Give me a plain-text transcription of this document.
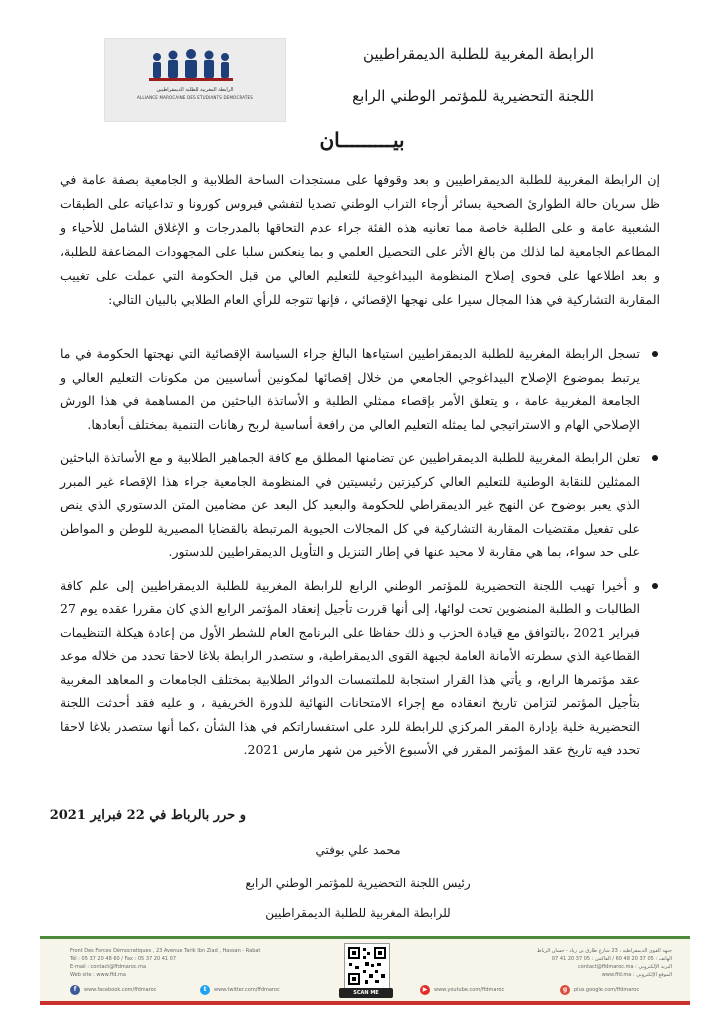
الرابطة المغربية للطلبة الديمقراطيين
ALLIANCE MAROCAINE DES ETUDIANTS DEMOCRATES
الرابطة المغربية للطلبة الديمقراطيين
اللجنة التحضيرية للمؤتمر الوطني الرابع
بيـــــــــان
إن الرابطة المغربية للطلبة الديمقراطيين و بعد وقوفها على مستجدات الساحة الطلابية و الجامعية بصفة عامة في ظل سريان حالة الطوارئ الصحية بسائر أرجاء التراب الوطني تصديا لتفشي فيروس كورونا و تداعياته على الطبقات الشعبية عامة و على الطلبة خاصة مما تعانيه هذه الفئة جراء عدم التحاقها بالمدرجات و الإغلاق الشامل للأحياء و المطاعم الجامعية لما لذلك من بالغ الأثر على التحصيل العلمي و بما ينعكس سلبا على المجهودات المضاعفة للطلبة، و بعد اطلاعها على فحوى إصلاح المنظومة البيداغوجية للتعليم العالي من قبل الحكومة التي عملت على تغييب المقاربة التشاركية في هذا المجال سيرا على نهجها الإقصائي ، فإنها تتوجه للرأي العام الطلابي بالبيان التالي:
تسجل الرابطة المغربية للطلبة الديمقراطيين استياءها البالغ جراء السياسة الإقصائية التي نهجتها الحكومة في ما يرتبط بموضوع الإصلاح البيداغوجي الجامعي من خلال إقصائها لمكونين أساسيين من مكونات التعليم العالي و الجامعة المغربية عامة ، و يتعلق الأمر بإقصاء ممثلي الطلبة و الأساتذة الباحثين من المساهمة في هذا الورش الإصلاحي الهام و الاستراتيجي لما يمثله التعليم العالي من رافعة أساسية لربح رهانات التنمية بمختلف أبعادها.
تعلن الرابطة المغربية للطلبة الديمقراطيين عن تضامنها المطلق مع كافة الجماهير الطلابية و مع الأساتذة الباحثين الممثلين للنقابة الوطنية للتعليم العالي كركيزتين رئيسيتين في المنظومة الجامعية جراء هذا الإقصاء غير المبرر الذي يعبر بوضوح عن النهج غير الديمقراطي للحكومة والبعيد كل البعد عن مضامين المتن الدستوري الذي ينص على تفعيل مقتضيات المقاربة التشاركية في كل المجالات الحيوية المرتبطة بالقضايا المصيرية للوطن و المواطن على حد سواء، بما هي مقاربة لا محيد عنها في إطار التنزيل و التأويل الديمقراطيين للدستور.
و أخيرا تهيب اللجنة التحضيرية للمؤتمر الوطني الرابع للرابطة المغربية للطلبة الديمقراطيين إلى علم كافة الطالبات و الطلبة المنضوين تحت لوائها، إلى أنها قررت تأجيل إنعقاد المؤتمر الرابع الذي كان مقررا عقده يوم 27 فبراير 2021 ،بالتوافق مع قيادة الحزب و ذلك حفاظا على البرنامج العام للشطر الأول من إعادة هيكلة التنظيمات القطاعية الذي سطرته الأمانة العامة لجبهة القوى الديمقراطية، و ستصدر الرابطة بلاغا لاحقا تحدد من خلاله موعد عقد مؤتمرها الرابع، و يأتي هذا القرار استجابة للملتمسات الدوائر الطلابية بمختلف الجامعات و المعاهد المغربية بتأجيل المؤتمر لتزامن تاريخ انعقاده مع إجراء الامتحانات النهائية للدورة الخريفية ، و عليه فقد أحدثت اللجنة التحضيرية خلية بإدارة المقر المركزي للرابطة للرد على استفساراتكم في هذا الشأن ،كما أنها ستصدر بلاغا لاحقا تحدد فيه تاريخ عقد المؤتمر المقرر في الأسبوع الأخير من شهر مارس 2021.
و حرر بالرباط في 22 فبراير 2021
محمد علي بوفتي
رئيس اللجنة التحضيرية للمؤتمر الوطني الرابع
للرابطة المغربية للطلبة الديمقراطيين
Front Des Forces Démocratiques , 23 Avenue Tarik Ibn Ziad , Hassan - Rabat
Tél : 05 37 20 48 60 / Fax : 05 37 20 41 07
E-mail : contact@ffdmaroc.ma
Web site : www.ffd.ma
SCAN ME
جبهة القوى الديمقراطية ، 23 شارع طارق بن زياد - حسان الرباط
الهاتف : 05 37 20 48 60 / الفاكس : 05 37 20 41 07
البريد الإلكتروني : contact@ffdmaroc.ma
الموقع الإلكتروني : www.ffd.ma
f	www.facebook.com/ffdmaroc	t	www.twitter.com/ffdmaroc	▶	www.youtube.com/ffdmaroc	g	plus.google.com/ffdmaroc
